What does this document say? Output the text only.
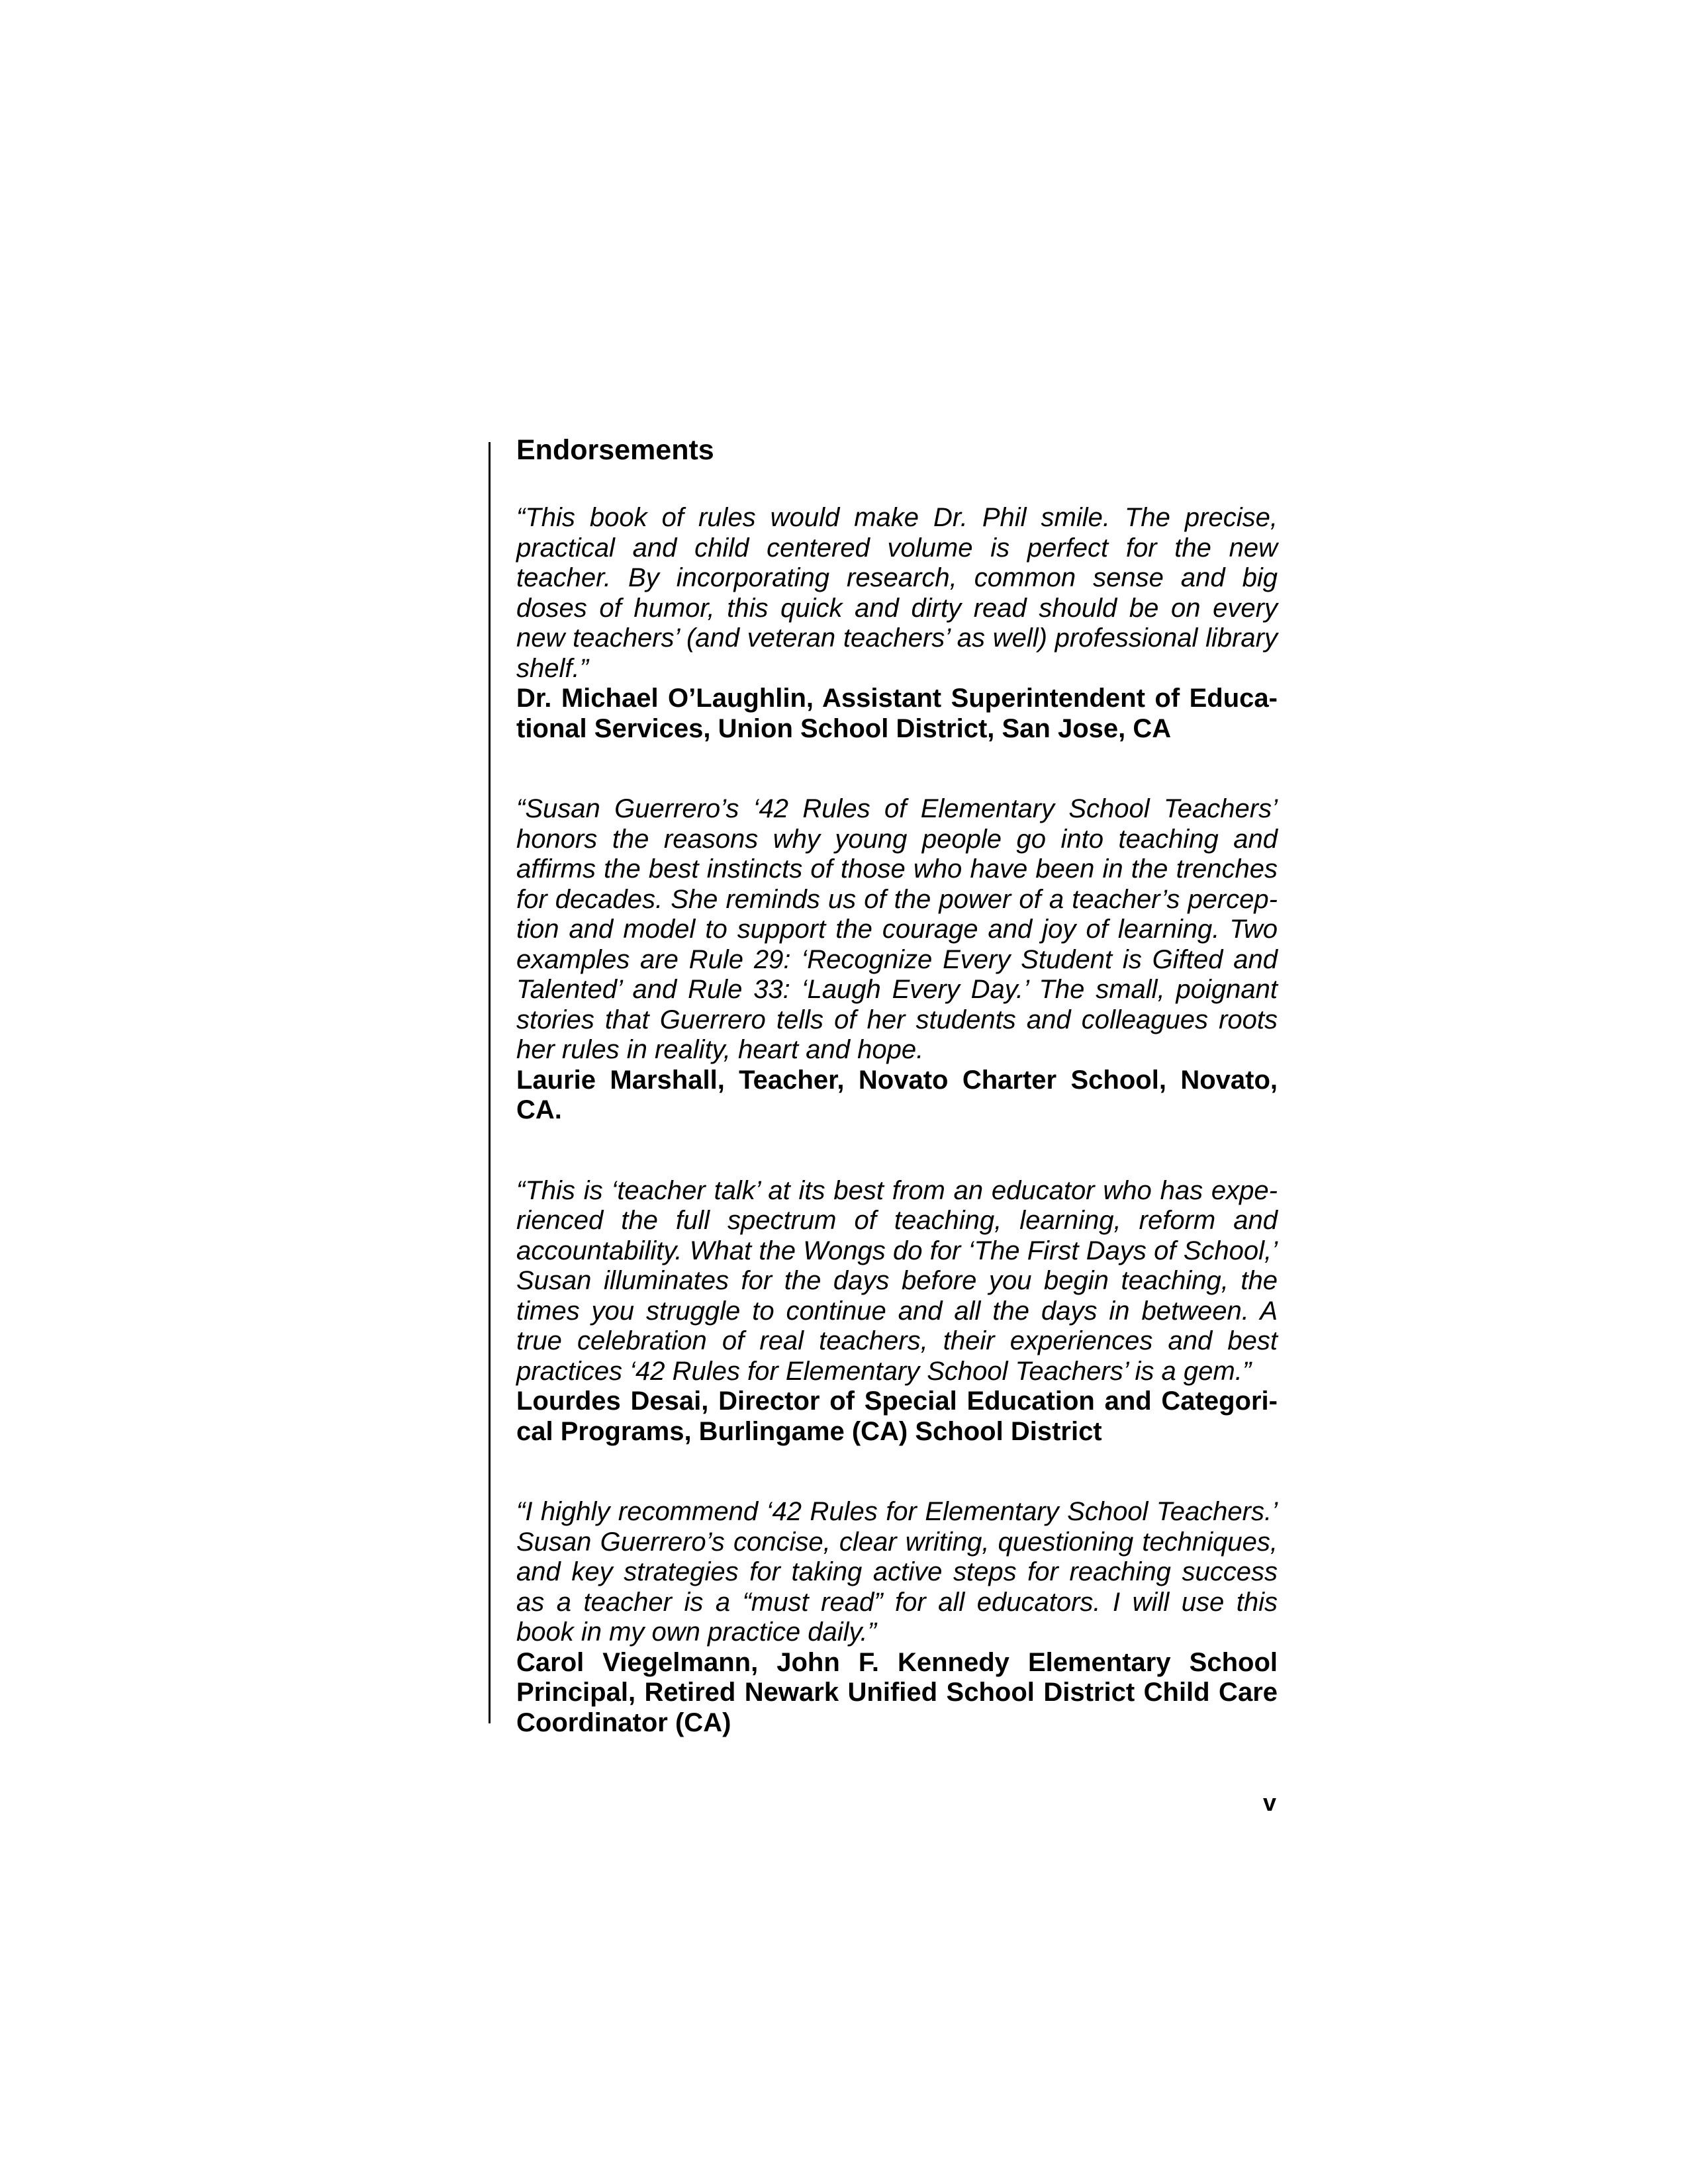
Endorsements

“This book of rules would make Dr. Phil smile. The precise, practical and child centered volume is perfect for the new teacher. By incorporating research, common sense and big doses of humor, this quick and dirty read should be on every new teachers’ (and veteran teachers’ as well) professional library shelf.”

Dr. Michael O’Laughlin, Assistant Superintendent of Educational Services, Union School District, San Jose, CA

“Susan Guerrero’s ‘42 Rules of Elementary School Teachers’ honors the reasons why young people go into teaching and affirms the best instincts of those who have been in the trenches for decades. She reminds us of the power of a teacher’s perception and model to support the courage and joy of learning. Two examples are Rule 29: ‘Recognize Every Student is Gifted and Talented’ and Rule 33: ‘Laugh Every Day.’ The small, poignant stories that Guerrero tells of her students and colleagues roots her rules in reality, heart and hope.

Laurie Marshall, Teacher, Novato Charter School, Novato, CA.

“This is ‘teacher talk’ at its best from an educator who has experienced the full spectrum of teaching, learning, reform and accountability. What the Wongs do for ‘The First Days of School,’ Susan illuminates for the days before you begin teaching, the times you struggle to continue and all the days in between. A true celebration of real teachers, their experiences and best practices ‘42 Rules for Elementary School Teachers’ is a gem.”

Lourdes Desai, Director of Special Education and Categorical Programs, Burlingame (CA) School District

“I highly recommend ‘42 Rules for Elementary School Teachers.’ Susan Guerrero’s concise, clear writing, questioning techniques, and key strategies for taking active steps for reaching success as a teacher is a “must read” for all educators. I will use this book in my own practice daily.”

Carol Viegelmann, John F. Kennedy Elementary School Principal, Retired Newark Unified School District Child Care Coordinator (CA)

v
